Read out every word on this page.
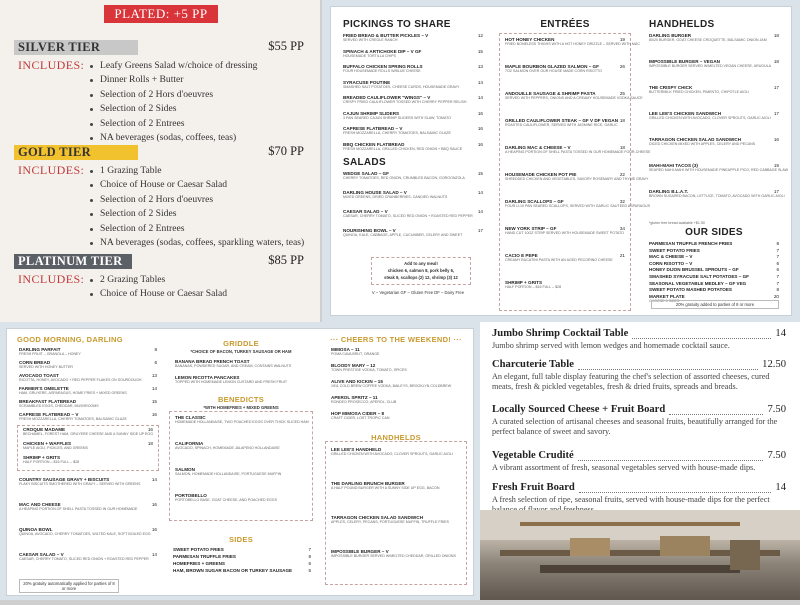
PLATED: +5 PP
SILVER TIER	$55 PP
INCLUDES:	Leafy Greens Salad w/choice of dressing
Dinner Rolls + Butter
Selection of 2 Hors d'oeuvres
Selection of 2 Sides
Selection of 2 Entrees
NA beverages (sodas, coffees, teas)
GOLD TIER	$70 PP
INCLUDES:	1 Grazing Table
Choice of House or Caesar Salad
Selection of 2 Hors d'oeuvres
Selection of 2 Sides
Selection of 2 Entrees
NA beverages (sodas, coffees, sparkling waters, teas)
PLATINUM TIER	$85 PP
INCLUDES:	2 Grazing Tables
Choice of House or Caesar Salad
PICKINGS TO SHARE
FRIED BREAD & BUTTER PICKLES – V	12
SERVED WITH CREOLE RANCH
SPINACH & ARTICHOKE DIP – V GF	15
HOUSEMADE TORTILLA CHIPS
BUFFALO CHICKEN SPRING ROLLS	13
FOUR HOUSEMADE ROLLS W/BLUE CHEESE
SYRACUSE POUTINE	14
SMASHED SALT POTATOES, CHEESE CURDS, HOUSEMADE GRAVY
BREADED CAULIFLOWER "WINGS" – V	14
CRISPY FRIED CAULIFLOWER TOSSED WITH CHERRY PEPPER RELISH
CAJUN SHRIMP SLIDERS	16
3 PAN SEARED CAJUN SHRIMP SLIDERS WITH SLAW, TOMATO
CAPRESE FLATBREAD – V	16
FRESH MOZZARELLA, CHERRY TOMATOES, BALSAMIC GLAZE
BBQ CHICKEN FLATBREAD	16
FRESH MOZZARELLA, GRILLED CHICKEN, RED ONION + BBQ SAUCE
SALADS
WEDGE SALAD – GF	15
CHERRY TOMATOES, RED ONION, CRUMBLED BACON, GORGONZOLA
DARLING HOUSE SALAD – V	14
MIXED GREENS, DRIED CRANBERRIES, CANDIED WALNUTS
CAESAR SALAD – V	14
CAESAR, CHERRY TOMATO, SLICED RED ONION + ROASTED RED PEPPER
NOURISHING BOWL – V	17
QUINOA, KALE, CABBAGE, APPLE, CUCUMBER, CELERY AND SWEET
Add to any meal!
chicken 6, salmon 8, pork belly 6,
steak 9, scallops (2) 12, shrimp (3) 12
V – Vegetarian GF – Gluten Free DF – Dairy Free
ENTRÉES
HOT HONEY CHICKEN	19
FRIED BONELESS THIGHS WITH A HOT HONEY DRIZZLE – SERVED WITH MAC
MAPLE BOURBON GLAZED SALMON – GF	26
7OZ SALMON OVER OUR HOUSE MADE CORN RISOTTO
ANDOUILLE SAUSAGE & SHRIMP PASTA	25
SERVED WITH PEPPERS, ONIONS AND A CREAMY HOUSEMADE VODKA SAUCE
GRILLED CAULIFLOWER STEAK – GF V DF VEGAN 18
ROASTED CAULIFLOWER, SERVED WITH JASMINE RICE, GARLIC
DARLING MAC & CHEESE – V	18
A HEAPING PORTION OF SHELL PASTA TOSSED IN OUR HOMEMADE FOUR-CHEESE
HOUSEMADE CHICKEN POT PIE	22
SHREDDED CHICKEN AND VEGETABLES, SAVORY ROSEMARY AND THYME GRAVY
DARLING SCALLOPS – GF	32
FOUR U-10 PAN SEARED SCALLOPS, SERVED WITH GARLIC SAUTEED ASPARAGUS
NEW YORK STRIP – GF	34
HAND CUT 10OZ STRIP SERVED WITH HOUSEMADE SWEET POTATO
CACIO E PEPE	21
CREAMY BUCATINI PASTA WITH AN AGED PECORINO CHEESE
SHRIMP + GRITS
HALF PORTION – $16 FULL – $28
HANDHELDS
DARLING BURGER	18
80/20 BURGER, GOAT CHEESE CROQUETTE, BALSAMIC ONION JAM
IMPOSSIBLE BURGER – VEGAN	18
IMPOSSIBLE BURGER SERVED W/MELTED VEGAN CHEESE, ARUGULA
THE CRISPY CHICK	17
BUTTERMILK FRIED CHICKEN, PIMENTO, CHIPOTLE AIOLI
LEE LEE'S CHICKEN SANDWICH	17
GRILLED CHICKEN WITH AVOCADO, CLOVER SPROUTS, GARLIC AIOLI
TARRAGON CHICKEN SALAD SANDWICH	16
DICED CHICKEN MIXED WITH APPLES, CELERY AND PECANS
MAHI-MAHI TACOS (3)	19
SEARED MAHI-MAHI WITH HOUSEMADE PINEAPPLE PICO, RED CABBAGE SLAW
DARLING B.L.A.T.	17
BROWN SUGARED BACON, LETTUCE, TOMATO, AVOCADO WITH GARLIC AIOLI
*gluten free bread available +$1.50
OUR SIDES
PARMESAN TRUFFLE FRENCH FRIES	8
SWEET POTATO FRIES	7
MAC & CHEESE – V	7
CORN RISOTTO – V	6
HONEY DIJON BRUSSEL SPROUTS – GF	6
SMASHED SYRACUSE SALT POTATOES – GF	7
SEASONAL VEGETABLE MEDLEY – GF VEG	7
SWEET POTATO MASHED POTATOES	8
MARKET PLATE	20
CHOOSE 3 SIDES
20% gratuity added to parties of 8 or more
GOOD MORNING, DARLING
DARLING PARFAIT	8
FRESH FRUIT – GRANOLA – HONEY
CORN BREAD	6
SERVED WITH HONEY BUTTER
AVOCADO TOAST	13
RICOTTA, HONEY, AVOCADO + RED PEPPER FLAKES ON SOURDOUGH
FARMER'S OMELETTE	14
HAM, GRUYERE, ASPARAGUS, HOME FRIES + MIXED GREENS
BREAKFAST FLATBREAD	15
SCRAMBLED EGGS, CHEDDAR, MUSHROOMS
CAPRESE FLATBREAD – V	16
FRESH MOZZARELLA, CHERRY TOMATOES, BALSAMIC GLAZE
CROQUE MADAME	16
BECHAMEL, FOREST HAM, GRUYERE CHEESE AND A SUNNY SIDE UP EGG
CHICKEN + WAFFLES	18
MAPLE AIOLI, PICKLES, AND GREENS
SHRIMP + GRITS
HALF PORTION – $16 FULL – $28
COUNTRY SAUSAGE GRAVY + BISCUITS	14
FLAKY BISCUITS SMOTHERED WITH GRAVY – SERVED WITH GREENS
MAC AND CHEESE	16
A HEAPING PORTION OF SHELL PASTA TOSSED IN OUR HOMEMADE
QUINOA BOWL	16
QUINOA, AVOCADO, CHERRY TOMATOES, WILTED KALE, SOFT BOILED EGG
CAESAR SALAD – V	14
CAESAR, CHERRY TOMATO, SLICED RED ONION + ROASTED RED PEPPER
20% gratuity automatically applied for parties of 8 or more
GRIDDLE
*CHOICE OF BACON, TURKEY SAUSAGE OR HAM
BANANA BREAD FRENCH TOAST
BANANAS, POWDERED SUGAR, AND CREAM, CONTAINS WALNUTS
LEMON RICOTTA PANCAKES
TOPPED WITH HOMEMADE LEMON CUSTARD AND FRESH FRUIT
BENEDICTS
*WITH HOMEFRIES + MIXED GREENS
THE CLASSIC
HOMEMADE HOLLANDAISE, TWO POACHED EGGS OVER THICK SLICED HAM
CALIFORNIA
AVOCADO, SPINACH, HOMEMADE JALAPENO HOLLANDAISE
SALMON
SALMON, HOMEMADE HOLLANDAISE, PORTUGUESE MUFFIN
PORTOBELLO
PORTOBELLO BASE, GOAT CHEESE, AND POACHED EGGS
SIDES
SWEET POTATO FRIES	7
PARMESAN TRUFFLE FRIES	8
HOMEFRIES + GREENS	6
HAM, BROWN SUGAR BACON OR TURKEY SAUSAGE	5
··· CHEERS TO THE WEEKEND! ···
MIMOSA – 11
POMA CAVA BRUT, ORANGE
BLOODY MARY – 12
TOWN PRESTIGE VODKA, TOMATO, SPICES
ALIVE AND KICKIN – 15
1911 COLD BREW COFFEE VODKA, BAILEYS, BROOKLYN COLDBREW
APEROL SPRITZ – 11
RONDEO PROSECCO, APEROL, CLUB
HOP MIMOSA CIDER – 8
CRAFT CIDER, LOST TROPIC CAN
HANDHELDS
LEE LEE'S HANDHELD
GRILLED CHICKEN WITH AVOCADO, CLOVER SPROUTS, GARLIC AIOLI
THE DARLING BRUNCH BURGER
A HALF POUND BURGER WITH A SUNNY SIDE UP EGG, BACON
TARRAGON CHICKEN SALAD SANDWICH
APPLES, CELERY, PECANS, PORTUGUESE MUFFIN, TRUFFLE FRIES
IMPOSSIBLE BURGER – V
IMPOSSIBLE BURGER SERVED W/MELTED CHEDDAR, GRILLED ONIONS
Jumbo Shrimp Cocktail Table	14
Jumbo shrimp served with lemon wedges and homemade cocktail sauce.
Charcuterie Table	12.50
An elegant, full table display featuring the chef's selection of assorted cheeses, cured meats, fresh & pickled vegetables, fresh & dried fruits, spreads and breads.
Locally Sourced Cheese + Fruit Board	7.50
A curated selection of artisanal cheeses and seasonal fruits, beautifully arranged for the perfect balance of sweet and savory.
Vegetable Crudité	7.50
A vibrant assortment of fresh, seasonal vegetables served with house-made dips.
Fresh Fruit Board	14
A fresh selection of ripe, seasonal fruits, served with house-made dips for the perfect
